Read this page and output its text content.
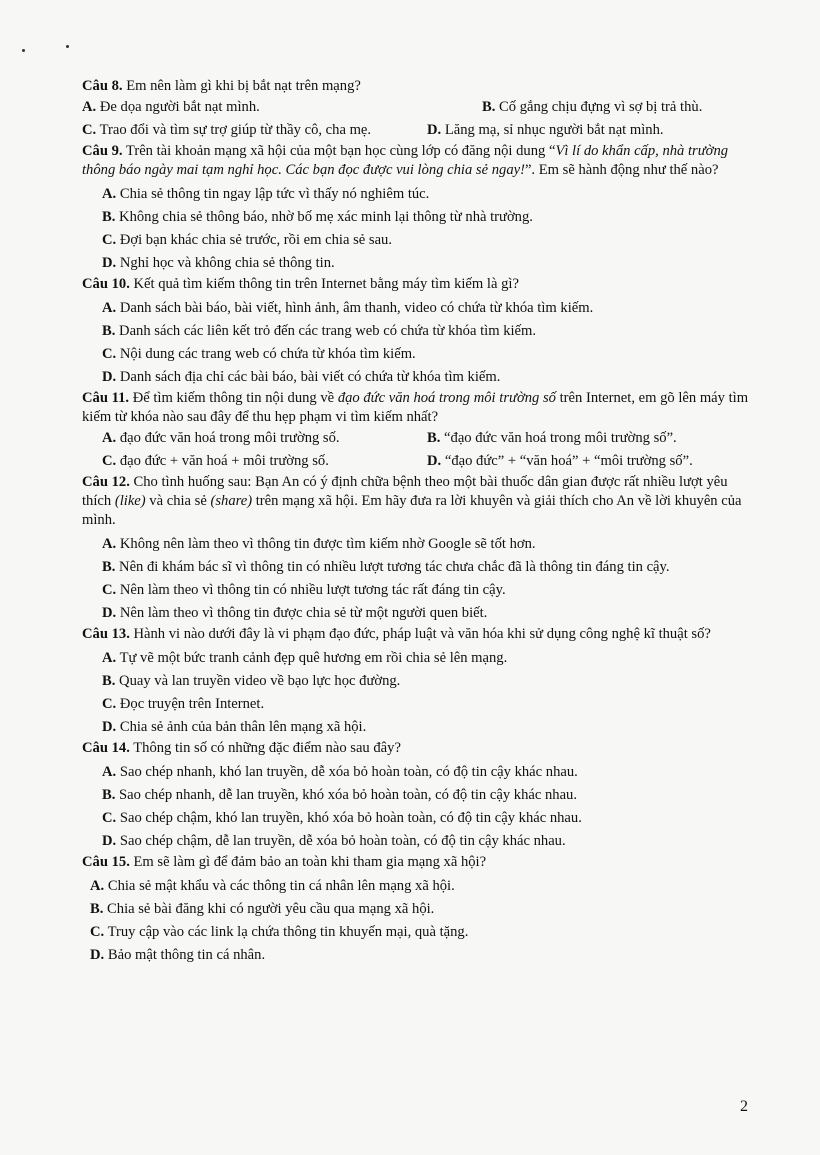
Câu 8. Em nên làm gì khi bị bắt nạt trên mạng?

A. Đe dọa người bắt nạt mình.	B. Cố gắng chịu đựng vì sợ bị trả thù.
C. Trao đổi và tìm sự trợ giúp từ thầy cô, cha mẹ.	D. Lăng mạ, sỉ nhục người bắt nạt mình.

Câu 9. Trên tài khoản mạng xã hội của một bạn học cùng lớp có đăng nội dung “Vì lí do khẩn cấp, nhà trường thông báo ngày mai tạm nghỉ học. Các bạn đọc được vui lòng chia sẻ ngay!”. Em sẽ hành động như thế nào?

A. Chia sẻ thông tin ngay lập tức vì thấy nó nghiêm túc.

B. Không chia sẻ thông báo, nhờ bố mẹ xác minh lại thông từ nhà trường.

C. Đợi bạn khác chia sẻ trước, rồi em chia sẻ sau.

D. Nghỉ học và không chia sẻ thông tin.

Câu 10. Kết quả tìm kiếm thông tin trên Internet bằng máy tìm kiếm là gì?

A. Danh sách bài báo, bài viết, hình ảnh, âm thanh, video có chứa từ khóa tìm kiếm.

B. Danh sách các liên kết trỏ đến các trang web có chứa từ khóa tìm kiếm.

C. Nội dung các trang web có chứa từ khóa tìm kiếm.

D. Danh sách địa chỉ các bài báo, bài viết có chứa từ khóa tìm kiếm.

Câu 11. Để tìm kiếm thông tin nội dung về đạo đức văn hoá trong môi trường số trên Internet, em gõ lên máy tìm kiếm từ khóa nào sau đây để thu hẹp phạm vi tìm kiếm nhất?

A. đạo đức văn hoá trong môi trường số.	B. “đạo đức văn hoá trong môi trường số”.
C. đạo đức + văn hoá + môi trường số.	D. “đạo đức” + “văn hoá” + “môi trường số”.

Câu 12. Cho tình huống sau: Bạn An có ý định chữa bệnh theo một bài thuốc dân gian được rất nhiều lượt yêu thích (like) và chia sẻ (share) trên mạng xã hội. Em hãy đưa ra lời khuyên và giải thích cho An về lời khuyên của mình.

A. Không nên làm theo vì thông tin được tìm kiếm nhờ Google sẽ tốt hơn.

B. Nên đi khám bác sĩ vì thông tin có nhiều lượt tương tác chưa chắc đã là thông tin đáng tin cậy.

C. Nên làm theo vì thông tin có nhiều lượt tương tác rất đáng tin cậy.

D. Nên làm theo vì thông tin được chia sẻ từ một người quen biết.

Câu 13. Hành vi nào dưới đây là vi phạm đạo đức, pháp luật và văn hóa khi sử dụng công nghệ kĩ thuật số?

A. Tự vẽ một bức tranh cảnh đẹp quê hương em rồi chia sẻ lên mạng.

B. Quay và lan truyền video về bạo lực học đường.

C. Đọc truyện trên Internet.

D. Chia sẻ ảnh của bản thân lên mạng xã hội.

Câu 14. Thông tin số có những đặc điểm nào sau đây?

A. Sao chép nhanh, khó lan truyền, dễ xóa bỏ hoàn toàn, có độ tin cậy khác nhau.

B. Sao chép nhanh, dễ lan truyền, khó xóa bỏ hoàn toàn, có độ tin cậy khác nhau.

C. Sao chép chậm, khó lan truyền, khó xóa bỏ hoàn toàn, có độ tin cậy khác nhau.

D. Sao chép chậm, dễ lan truyền, dễ xóa bỏ hoàn toàn, có độ tin cậy khác nhau.

Câu 15. Em sẽ làm gì để đảm bảo an toàn khi tham gia mạng xã hội?

A. Chia sẻ mật khẩu và các thông tin cá nhân lên mạng xã hội.

B. Chia sẻ bài đăng khi có người yêu cầu qua mạng xã hội.

C. Truy cập vào các link lạ chứa thông tin khuyến mại, quà tặng.

D. Bảo mật thông tin cá nhân.

2
